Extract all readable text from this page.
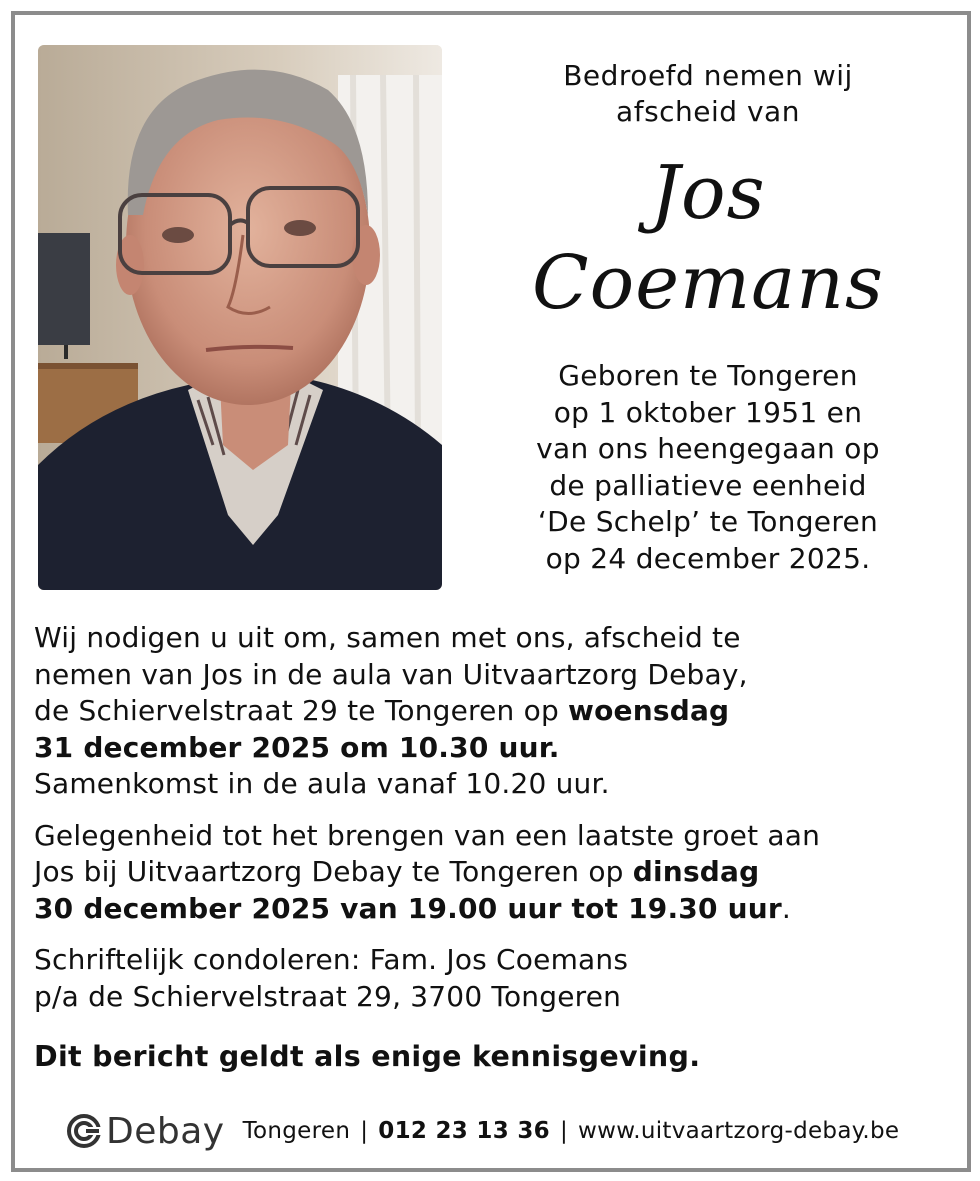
Bedroefd nemen wij
afscheid van
Jos
Coemans
Geboren te Tongeren
op 1 oktober 1951 en
van ons heengegaan op
de palliatieve eenheid
‘De Schelp’ te Tongeren
op 24 december 2025.

Wij nodigen u uit om, samen met ons, afscheid te
nemen van Jos in de aula van Uitvaartzorg Debay,
de Schiervelstraat 29 te Tongeren op woensdag
31 december 2025 om 10.30 uur.
Samenkomst in de aula vanaf 10.20 uur.

Gelegenheid tot het brengen van een laatste groet aan
Jos bij Uitvaartzorg Debay te Tongeren op dinsdag
30 december 2025 van 19.00 uur tot 19.30 uur.

Schriftelijk condoleren: Fam. Jos Coemans
p/a de Schiervelstraat 29, 3700 Tongeren

Dit bericht geldt als enige kennisgeving.
Debay Tongeren | 012 23 13 36 | www.uitvaartzorg-debay.be
